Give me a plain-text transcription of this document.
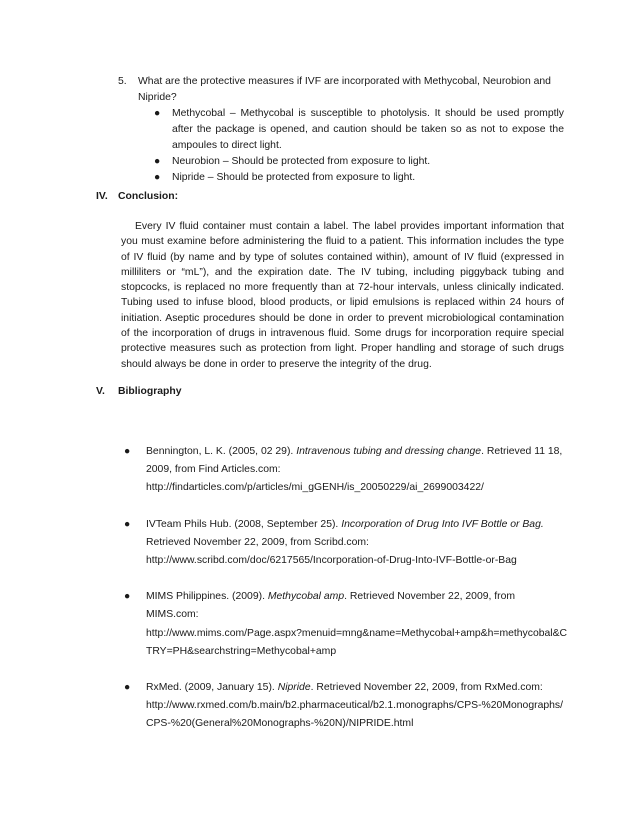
5. What are the protective measures if IVF are incorporated with Methycobal, Neurobion and Nipride?
● Methycobal – Methycobal is susceptible to photolysis. It should be used promptly after the package is opened, and caution should be taken so as not to expose the ampoules to direct light.
● Neurobion – Should be protected from exposure to light.
● Nipride – Should be protected from exposure to light.
IV. Conclusion:
Every IV fluid container must contain a label. The label provides important information that you must examine before administering the fluid to a patient. This information includes the type of IV fluid (by name and by type of solutes contained within), amount of IV fluid (expressed in milliliters or “mL”), and the expiration date. The IV tubing, including piggyback tubing and stopcocks, is replaced no more frequently than at 72-hour intervals, unless clinically indicated. Tubing used to infuse blood, blood products, or lipid emulsions is replaced within 24 hours of initiation. Aseptic procedures should be done in order to prevent microbiological contamination of the incorporation of drugs in intravenous fluid. Some drugs for incorporation require special protective measures such as protection from light. Proper handling and storage of such drugs should always be done in order to preserve the integrity of the drug.
V. Bibliography
● Bennington, L. K. (2005, 02 29). Intravenous tubing and dressing change. Retrieved 11 18, 2009, from Find Articles.com:
http://findarticles.com/p/articles/mi_gGENH/is_20050229/ai_2699003422/
● IVTeam Phils Hub. (2008, September 25). Incorporation of Drug Into IVF Bottle or Bag. Retrieved November 22, 2009, from Scribd.com:
http://www.scribd.com/doc/6217565/Incorporation-of-Drug-Into-IVF-Bottle-or-Bag
● MIMS Philippines. (2009). Methycobal amp. Retrieved November 22, 2009, from MIMS.com:
http://www.mims.com/Page.aspx?menuid=mng&name=Methycobal+amp&h=methycobal&CTRY=PH&searchstring=Methycobal+amp
● RxMed. (2009, January 15). Nipride. Retrieved November 22, 2009, from RxMed.com:
http://www.rxmed.com/b.main/b2.pharmaceutical/b2.1.monographs/CPS-%20Monographs/CPS-%20(General%20Monographs-%20N)/NIPRIDE.html
